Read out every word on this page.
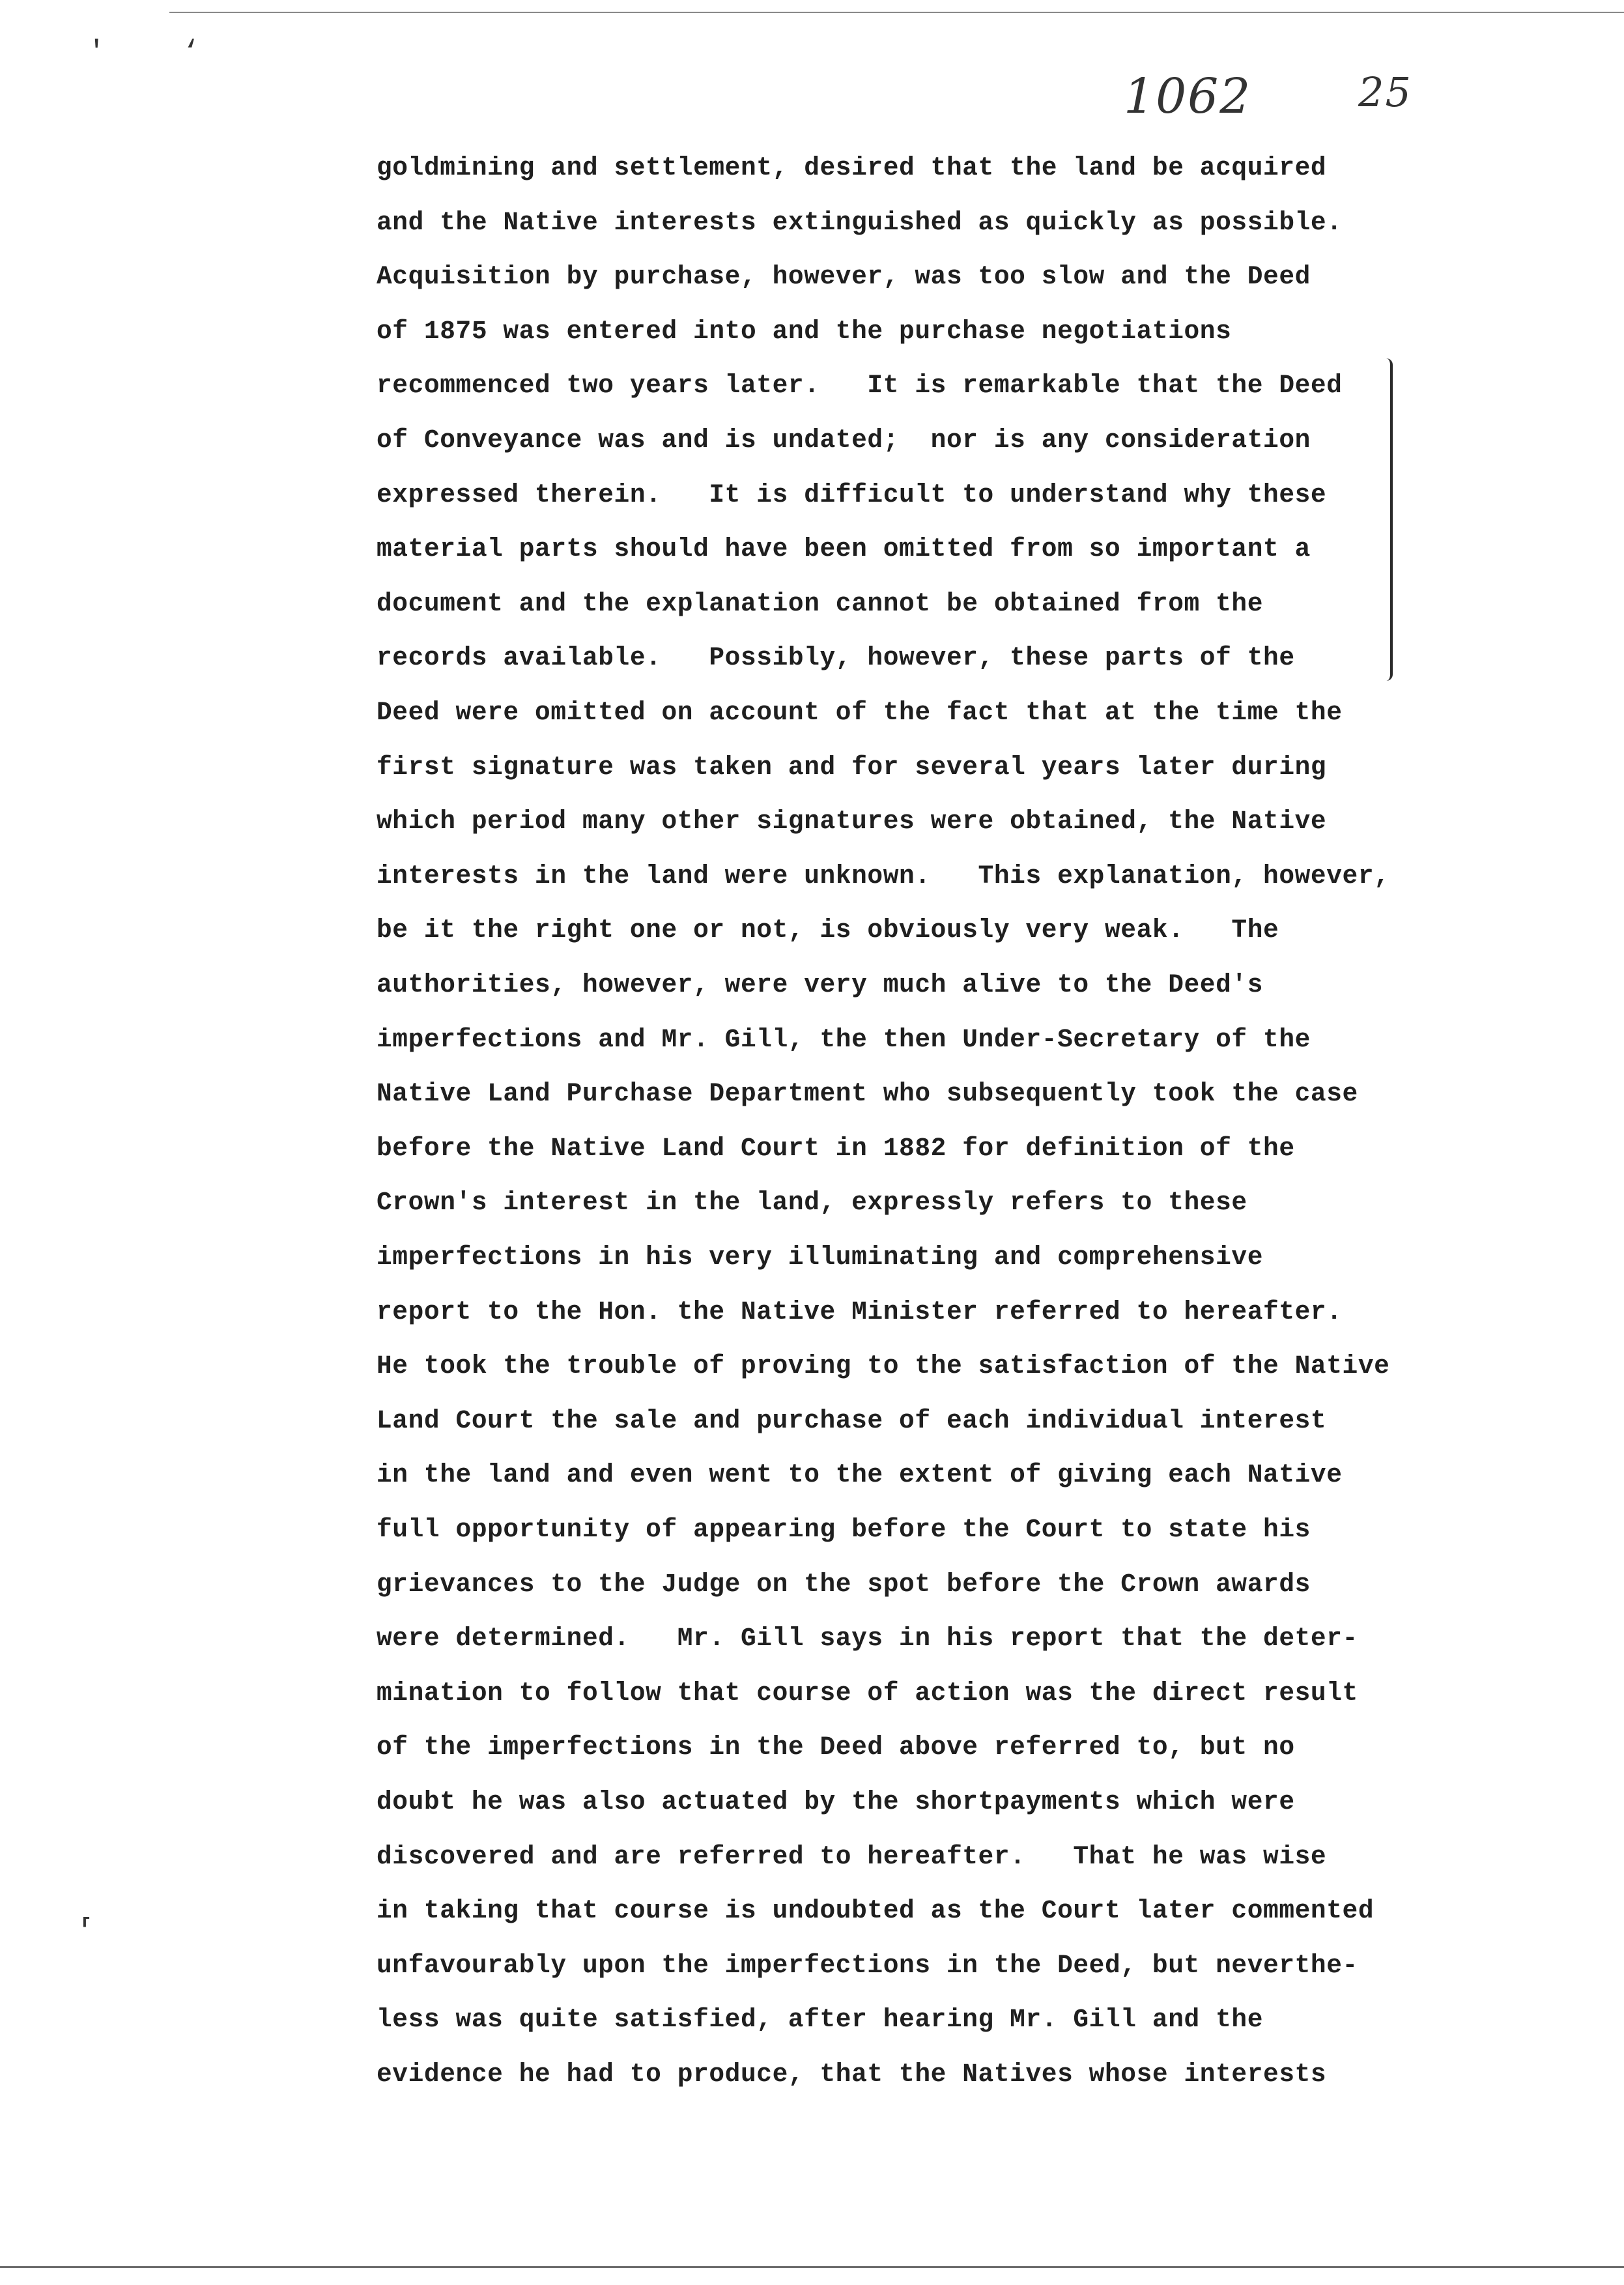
'	‘
⸢
1062	25
goldmining and settlement, desired that the land be acquired
and the Native interests extinguished as quickly as possible.
Acquisition by purchase, however, was too slow and the Deed
of 1875 was entered into and the purchase negotiations
recommenced two years later.   It is remarkable that the Deed
of Conveyance was and is undated;  nor is any consideration
expressed therein.   It is difficult to understand why these
material parts should have been omitted from so important a
document and the explanation cannot be obtained from the
records available.   Possibly, however, these parts of the
Deed were omitted on account of the fact that at the time the
first signature was taken and for several years later during
which period many other signatures were obtained, the Native
interests in the land were unknown.   This explanation, however,
be it the right one or not, is obviously very weak.   The
authorities, however, were very much alive to the Deed's
imperfections and Mr. Gill, the then Under-Secretary of the
Native Land Purchase Department who subsequently took the case
before the Native Land Court in 1882 for definition of the
Crown's interest in the land, expressly refers to these
imperfections in his very illuminating and comprehensive
report to the Hon. the Native Minister referred to hereafter.
He took the trouble of proving to the satisfaction of the Native
Land Court the sale and purchase of each individual interest
in the land and even went to the extent of giving each Native
full opportunity of appearing before the Court to state his
grievances to the Judge on the spot before the Crown awards
were determined.   Mr. Gill says in his report that the deter-
mination to follow that course of action was the direct result
of the imperfections in the Deed above referred to, but no
doubt he was also actuated by the shortpayments which were
discovered and are referred to hereafter.   That he was wise
in taking that course is undoubted as the Court later commented
unfavourably upon the imperfections in the Deed, but neverthe-
less was quite satisfied, after hearing Mr. Gill and the
evidence he had to produce, that the Natives whose interests
